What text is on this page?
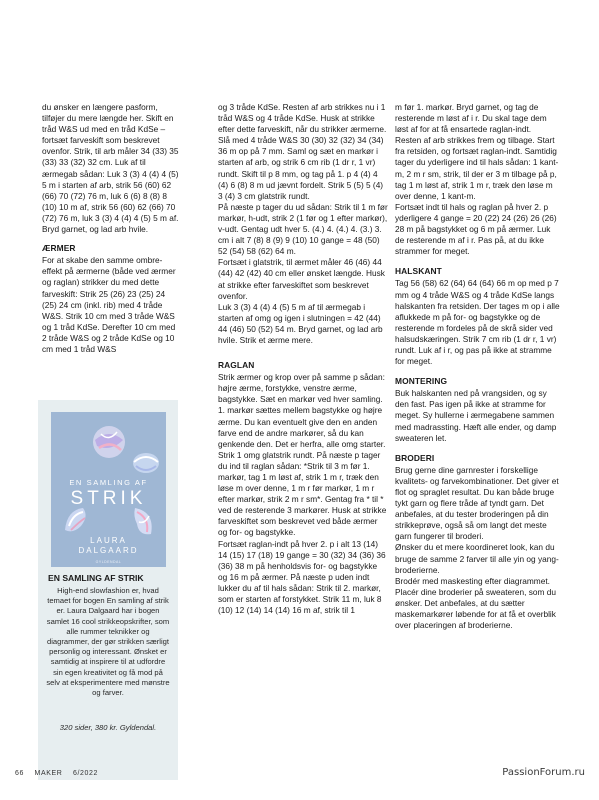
du ønsker en længere pasform, tilføjer du mere længde her. Skift en tråd W&S ud med en tråd KdSe – fortsæt farveskift som beskrevet ovenfor. Strik, til arb måler 34 (33) 35 (33) 33 (32) 32 cm. Luk af til ærmegab sådan: Luk 3 (3) 4 (4) 4 (5) 5 m i starten af arb, strik 56 (60) 62 (66) 70 (72) 76 m, luk 6 (6) 8 (8) 8 (10) 10 m af, strik 56 (60) 62 (66) 70 (72) 76 m, luk 3 (3) 4 (4) 4 (5) 5 m af. Bryd garnet, og lad arb hvile.

ÆRMER

For at skabe den samme ombre-effekt på ærmerne (både ved ærmer og raglan) strikker du med dette farveskift: Strik 25 (26) 23 (25) 24 (25) 24 cm (inkl. rib) med 4 tråde W&S. Strik 10 cm med 3 tråde W&S og 1 tråd KdSe. Derefter 10 cm med 2 tråde W&S og 2 tråde KdSe og 10 cm med 1 tråd W&S

og 3 tråde KdSe. Resten af arb strikkes nu i 1 tråd W&S og 4 tråde KdSe. Husk at strikke efter dette farveskift, når du strikker ærmerne.

Slå med 4 tråde W&S 30 (30) 32 (32) 34 (34) 36 m op på 7 mm. Saml og sæt en markør i starten af arb, og strik 6 cm rib (1 dr r, 1 vr) rundt. Skift til p 8 mm, og tag på 1. p 4 (4) 4 (4) 6 (8) 8 m ud jævnt fordelt. Strik 5 (5) 5 (4) 3 (4) 3 cm glatstrik rundt.

På næste p tager du ud sådan: Strik til 1 m før markør, h-udt, strik 2 (1 før og 1 efter markør), v-udt. Gentag udt hver 5. (4.) 4. (4.) 4. (3.) 3. cm i alt 7 (8) 8 (9) 9 (10) 10 gange = 48 (50) 52 (54) 58 (62) 64 m.

Fortsæt i glatstrik, til ærmet måler 46 (46) 44 (44) 42 (42) 40 cm eller ønsket længde. Husk at strikke efter farveskiftet som beskrevet ovenfor.

Luk 3 (3) 4 (4) 4 (5) 5 m af til ærmegab i starten af omg og igen i slutningen = 42 (44) 44 (46) 50 (52) 54 m. Bryd garnet, og lad arb hvile. Strik et ærme mere.

RAGLAN

Strik ærmer og krop over på samme p sådan: højre ærme, forstykke, venstre ærme, bagstykke. Sæt en markør ved hver samling. 1. markør sættes mellem bagstykke og højre ærme. Du kan eventuelt give den en anden farve end de andre markører, så du kan genkende den. Det er herfra, alle omg starter. Strik 1 omg glatstrik rundt. På næste p tager du ind til raglan sådan: *Strik til 3 m før 1. markør, tag 1 m løst af, strik 1 m r, træk den løse m over denne, 1 m r før markør, 1 m r efter markør, strik 2 m r sm*. Gentag fra * til * ved de resterende 3 markører. Husk at strikke farveskiftet som beskrevet ved både ærmer og for- og bagstykke.

Fortsæt raglan-indt på hver 2. p i alt 13 (14) 14 (15) 17 (18) 19 gange = 30 (32) 34 (36) 36 (36) 38 m på henholdsvis for- og bagstykke og 16 m på ærmer. På næste p uden indt lukker du af til hals sådan: Strik til 2. markør, som er starten af forstykket. Strik 11 m, luk 8 (10) 12 (14) 14 (14) 16 m af, strik til 1

m før 1. markør. Bryd garnet, og tag de resterende m løst af i r. Du skal tage dem løst af for at få ensartede raglan-indt.

Resten af arb strikkes frem og tilbage. Start fra retsiden, og fortsæt raglan-indt. Samtidig tager du yderligere ind til hals sådan: 1 kant-m, 2 m r sm, strik, til der er 3 m tilbage på p, tag 1 m løst af, strik 1 m r, træk den løse m over denne, 1 kant-m.

Fortsæt indt til hals og raglan på hver 2. p yderligere 4 gange = 20 (22) 24 (26) 26 (26) 28 m på bagstykket og 6 m på ærmer. Luk de resterende m af i r. Pas på, at du ikke strammer for meget.

HALSKANT

Tag 56 (58) 62 (64) 64 (64) 66 m op med p 7 mm og 4 tråde W&S og 4 tråde KdSe langs halskanten fra retsiden. Der tages m op i alle aflukkede m på for- og bagstykke og de resterende m fordeles på de skrå sider ved halsudskæringen. Strik 7 cm rib (1 dr r, 1 vr) rundt. Luk af i r, og pas på ikke at stramme for meget.

MONTERING

Buk halskanten ned på vrangsiden, og sy den fast. Pas igen på ikke at stramme for meget. Sy hullerne i ærmegabene sammen med madrassting. Hæft alle ender, og damp sweateren let.

BRODERI

Brug gerne dine garnrester i forskellige kvalitets- og farvekombinationer. Det giver et flot og spraglet resultat. Du kan både bruge tykt garn og flere tråde af tyndt garn. Det anbefales, at du tester broderingen på din strikkeprøve, også så om langt det meste garn fungerer til broderi.

Ønsker du et mere koordineret look, kan du bruge de samme 2 farver til alle yin og yang-broderierne.

Brodér med maskesting efter diagrammet. Placér dine broderier på sweateren, som du ønsker. Det anbefales, at du sætter maskemarkører løbende for at få et overblik over placeringen af broderierne.

EN SAMLING AF
STRIK
LAURA
DALGAARD
GYLDENDAL
EN SAMLING AF STRIK
High-end slowfashion er, hvad temaet for bogen En samling af strik er. Laura Dalgaard har i bogen samlet 16 cool strikkeopskrifter, som alle rummer teknikker og diagrammer, der gør strikken særligt personlig og interessant. Ønsket er samtidig at inspirere til at udfordre sin egen kreativitet og få mod på selv at eksperimentere med mønstre og farver.
320 sider, 380 kr. Gyldendal.
66 MAKER 6/2022	PassionForum.ru
